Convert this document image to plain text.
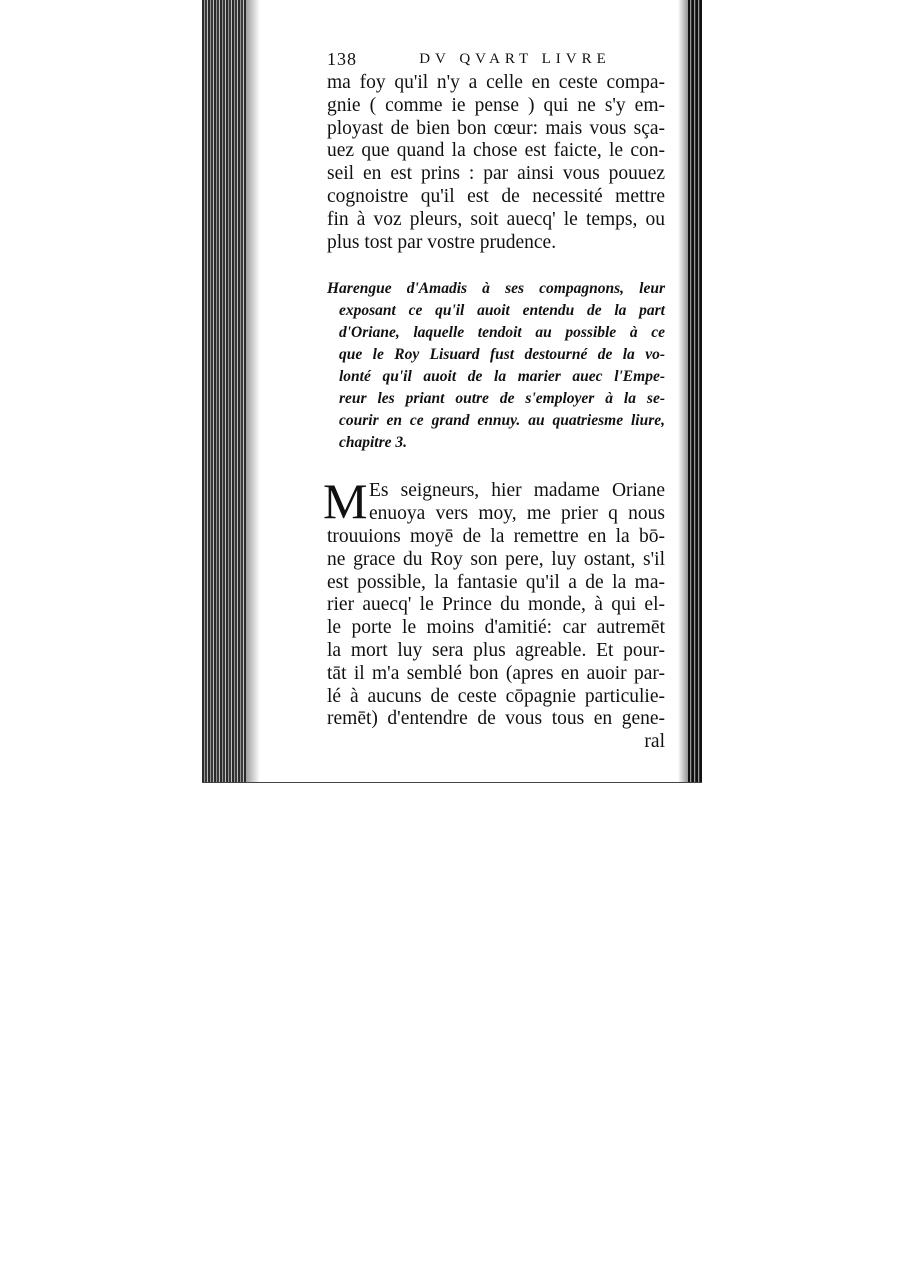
138	DV QVART LIVRE
ma foy qu'il n'y a celle en ceste compa-
gnie ( comme ie pense ) qui ne s'y em-
ployast de bien bon cœur: mais vous sça-
uez que quand la chose est faicte, le con-
seil en est prins : par ainsi vous pouuez
cognoistre qu'il est de necessité mettre
fin à voz pleurs, soit auecq' le temps, ou
plus tost par vostre prudence.
Harengue d'Amadis à ses compagnons, leur
exposant ce qu'il auoit entendu de la part
d'Oriane, laquelle tendoit au possible à ce
que le Roy Lisuard fust destourné de la vo-
lonté qu'il auoit de la marier auec l'Empe-
reur les priant outre de s'employer à la se-
courir en ce grand ennuy. au quatriesme liure,
chapitre 3.
M Es seigneurs, hier madame Oriane
enuoya vers moy, me prier q nous
trouuions moyē de la remettre en la bō-
ne grace du Roy son pere, luy ostant, s'il
est possible, la fantasie qu'il a de la ma-
rier auecq' le Prince du monde, à qui el-
le porte le moins d'amitié: car autremēt
la mort luy sera plus agreable. Et pour-
tāt il m'a semblé bon (apres en auoir par-
lé à aucuns de ceste cōpagnie particulie-
remēt) d'entendre de vous tous en gene-
ral
